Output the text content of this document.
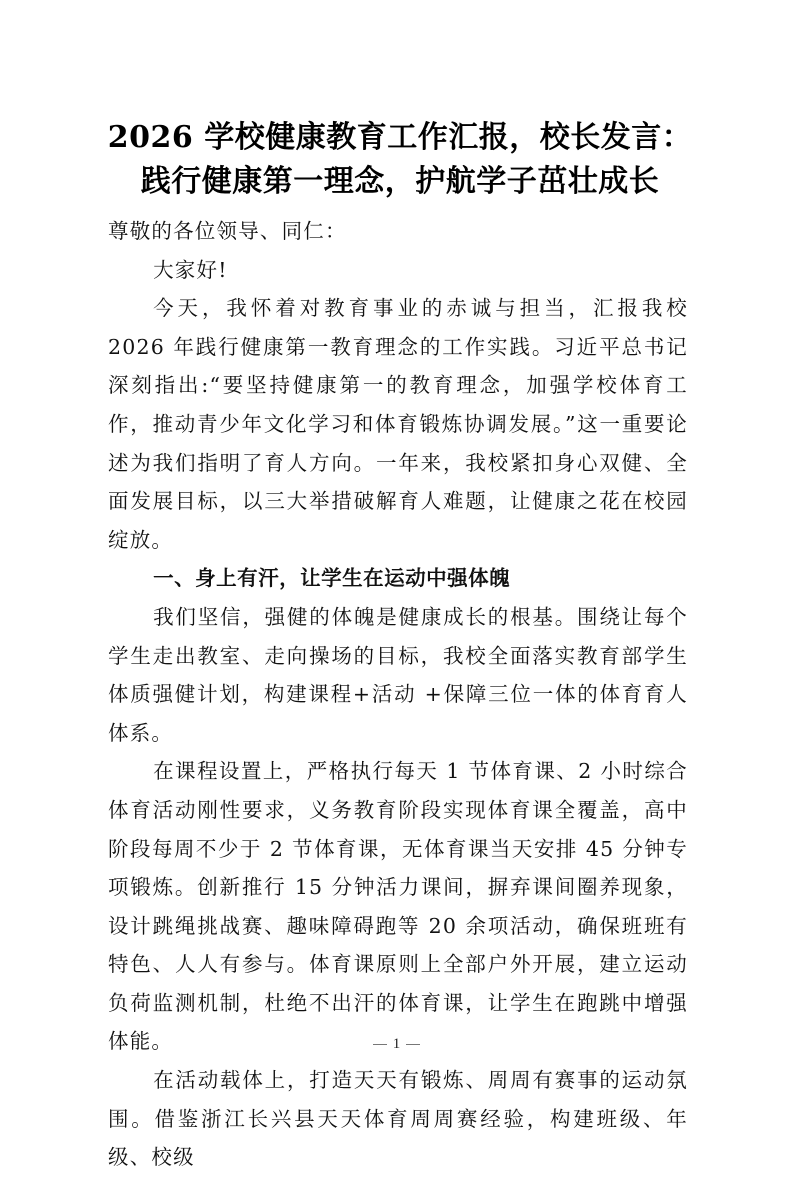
2026 学校健康教育工作汇报，校长发言：
践行健康第一理念，护航学子茁壮成长

尊敬的各位领导、同仁：

大家好!

今天，我怀着对教育事业的赤诚与担当，汇报我校 2026 年践行健康第一教育理念的工作实践。习近平总书记深刻指出:“要坚持健康第一的教育理念，加强学校体育工作，推动青少年文化学习和体育锻炼协调发展。”这一重要论述为我们指明了育人方向。一年来，我校紧扣身心双健、全面发展目标，以三大举措破解育人难题，让健康之花在校园绽放。

一、身上有汗，让学生在运动中强体魄

我们坚信，强健的体魄是健康成长的根基。围绕让每个学生走出教室、走向操场的目标，我校全面落实教育部学生体质强健计划，构建课程+活动 +保障三位一体的体育育人体系。

在课程设置上，严格执行每天 1 节体育课、2 小时综合体育活动刚性要求，义务教育阶段实现体育课全覆盖，高中阶段每周不少于 2 节体育课，无体育课当天安排 45 分钟专项锻炼。创新推行 15 分钟活力课间，摒弃课间圈养现象，设计跳绳挑战赛、趣味障碍跑等 20 余项活动，确保班班有特色、人人有参与。体育课原则上全部户外开展，建立运动负荷监测机制，杜绝不出汗的体育课，让学生在跑跳中增强体能。

在活动载体上，打造天天有锻炼、周周有赛事的运动氛围。借鉴浙江长兴县天天体育周周赛经验，构建班级、年级、校级

1
